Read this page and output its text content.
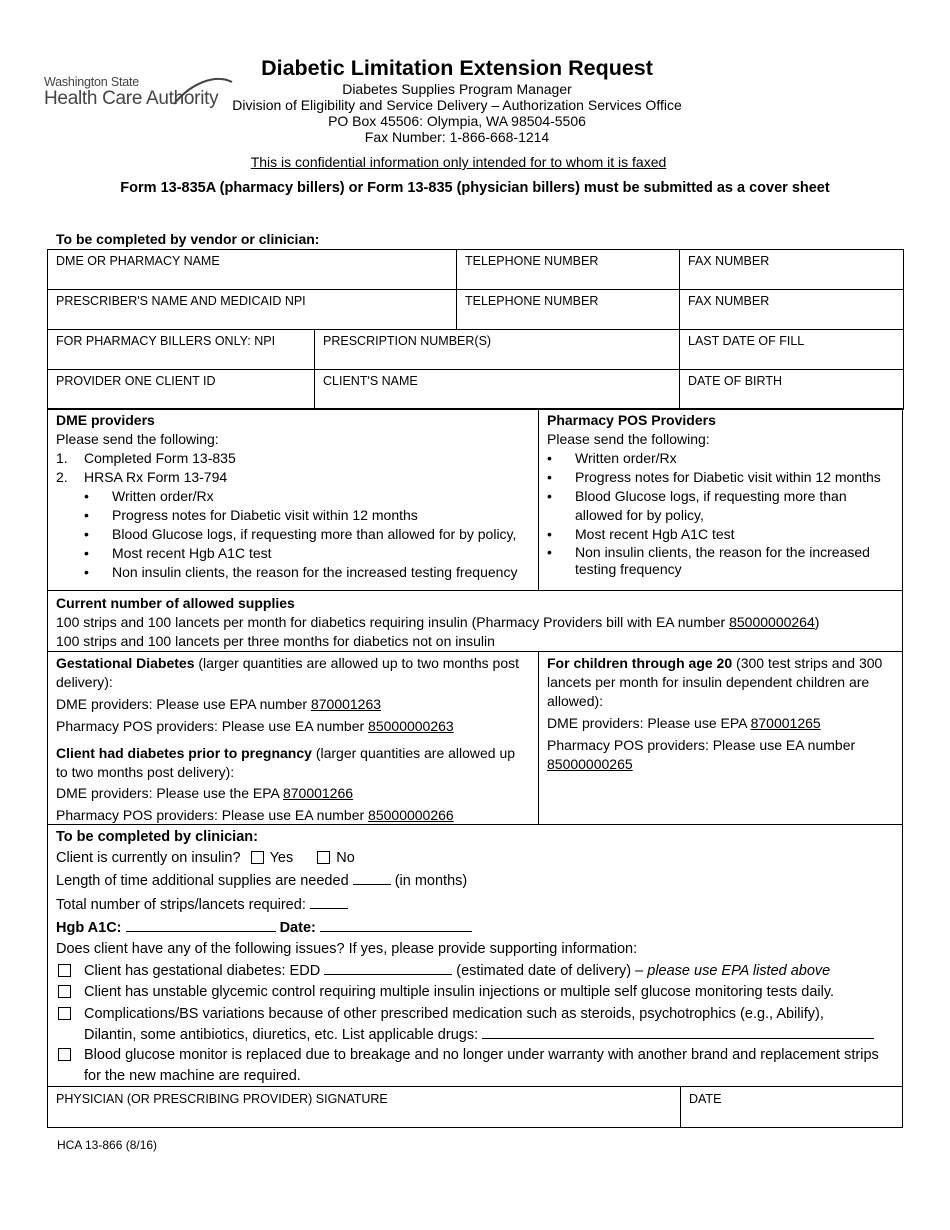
Washington State
Health Care Authority
Diabetic Limitation Extension Request
Diabetes Supplies Program Manager
Division of Eligibility and Service Delivery – Authorization Services Office
PO Box 45506: Olympia, WA 98504-5506
Fax Number: 1-866-668-1214
This is confidential information only intended for to whom it is faxed
Form 13-835A (pharmacy billers) or Form 13-835 (physician billers) must be submitted as a cover sheet
To be completed by vendor or clinician:
DME OR PHARMACY NAME		TELEPHONE NUMBER	FAX NUMBER
PRESCRIBER'S NAME AND MEDICAID NPI		TELEPHONE NUMBER	FAX NUMBER
FOR PHARMACY BILLERS ONLY: NPI	PRESCRIPTION NUMBER(S)		LAST DATE OF FILL
PROVIDER ONE CLIENT ID	CLIENT'S NAME		DATE OF BIRTH
DME providers
Please send the following:
1.	Completed Form 13-835
2.	HRSA Rx Form 13-794
•	Written order/Rx
•	Progress notes for Diabetic visit within 12 months
•	Blood Glucose logs, if requesting more than allowed for by policy,
•	Most recent Hgb A1C test
•	Non insulin clients, the reason for the increased testing frequency
Pharmacy POS Providers
Please send the following:
•	Written order/Rx
•	Progress notes for Diabetic visit within 12 months
•	Blood Glucose logs, if requesting more than allowed for by policy,
•	Most recent Hgb A1C test
•	Non insulin clients, the reason for the increased testing frequency
Current number of allowed supplies
100 strips and 100 lancets per month for diabetics requiring insulin (Pharmacy Providers bill with EA number 85000000264)
100 strips and 100 lancets per three months for diabetics not on insulin
Gestational Diabetes (larger quantities are allowed up to two months post delivery):
DME providers: Please use EPA number 870001263
Pharmacy POS providers: Please use EA number 85000000263
Client had diabetes prior to pregnancy (larger quantities are allowed up to two months post delivery):
DME providers: Please use the EPA 870001266
Pharmacy POS providers: Please use EA number 85000000266
For children through age 20 (300 test strips and 300 lancets per month for insulin dependent children are allowed):
DME providers: Please use EPA 870001265
Pharmacy POS providers: Please use EA number
85000000265
To be completed by clinician:
Client is currently on insulin? Yes	No
Length of time additional supplies are needed	(in months)
Total number of strips/lancets required:
Hgb A1C:	Date:
Does client have any of the following issues? If yes, please provide supporting information:
Client has gestational diabetes: EDD	(estimated date of delivery) – please use EPA listed above
Client has unstable glycemic control requiring multiple insulin injections or multiple self glucose monitoring tests daily.
Complications/BS variations because of other prescribed medication such as steroids, psychotrophics (e.g., Abilify),
Dilantin, some antibiotics, diuretics, etc. List applicable drugs:
Blood glucose monitor is replaced due to breakage and no longer under warranty with another brand and replacement strips
for the new machine are required.
PHYSICIAN (OR PRESCRIBING PROVIDER) SIGNATURE	DATE
HCA 13-866 (8/16)
